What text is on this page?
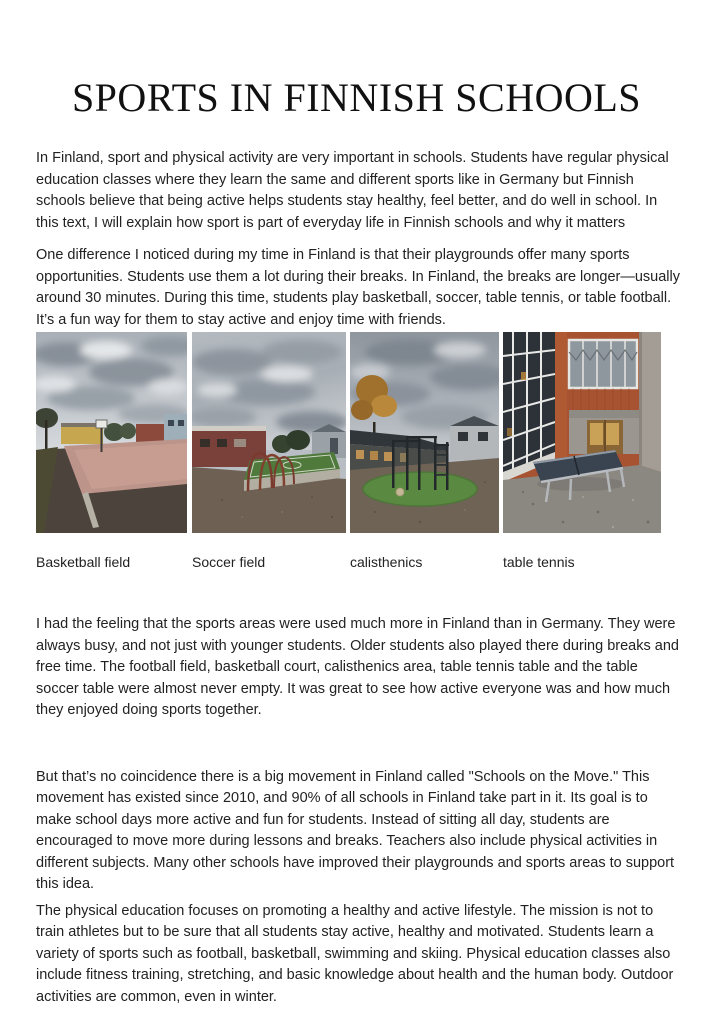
SPORTS IN FINNISH SCHOOLS

In Finland, sport and physical activity are very important in schools. Students have regular physical education classes where they learn the same and different sports like in Germany but Finnish schools believe that being active helps students stay healthy, feel better, and do well in school. In this text, I will explain how sport is part of everyday life in Finnish schools and why it matters

One difference I noticed during my time in Finland is that their playgrounds offer many sports opportunities. Students use them a lot during their breaks. In Finland, the breaks are longer—usually around 30 minutes. During this time, students play basketball, soccer, table tennis, or table football. It’s a fun way for them to stay active and enjoy time with friends.

Basketball field	Soccer field	calisthenics	table tennis

I had the feeling that the sports areas were used much more in Finland than in Germany. They were always busy, and not just with younger students. Older students also played there during breaks and free time. The football field, basketball court, calisthenics area, table tennis table and the table soccer table were almost never empty. It was great to see how active everyone was and how much they enjoyed doing sports together.

But that’s no coincidence there is a big movement in Finland called "Schools on the Move." This movement has existed since 2010, and 90% of all schools in Finland take part in it. Its goal is to make school days more active and fun for students. Instead of sitting all day, students are encouraged to move more during lessons and breaks. Teachers also include physical activities in different subjects. Many other schools have improved their playgrounds and sports areas to support this idea.

The physical education focuses on promoting a healthy and active lifestyle. The mission is not to train athletes but to be sure that all students stay active, healthy and motivated. Students learn a variety of sports such as football, basketball, swimming and skiing. Physical education classes also include fitness training, stretching, and basic knowledge about health and the human body. Outdoor activities are common, even in winter.
